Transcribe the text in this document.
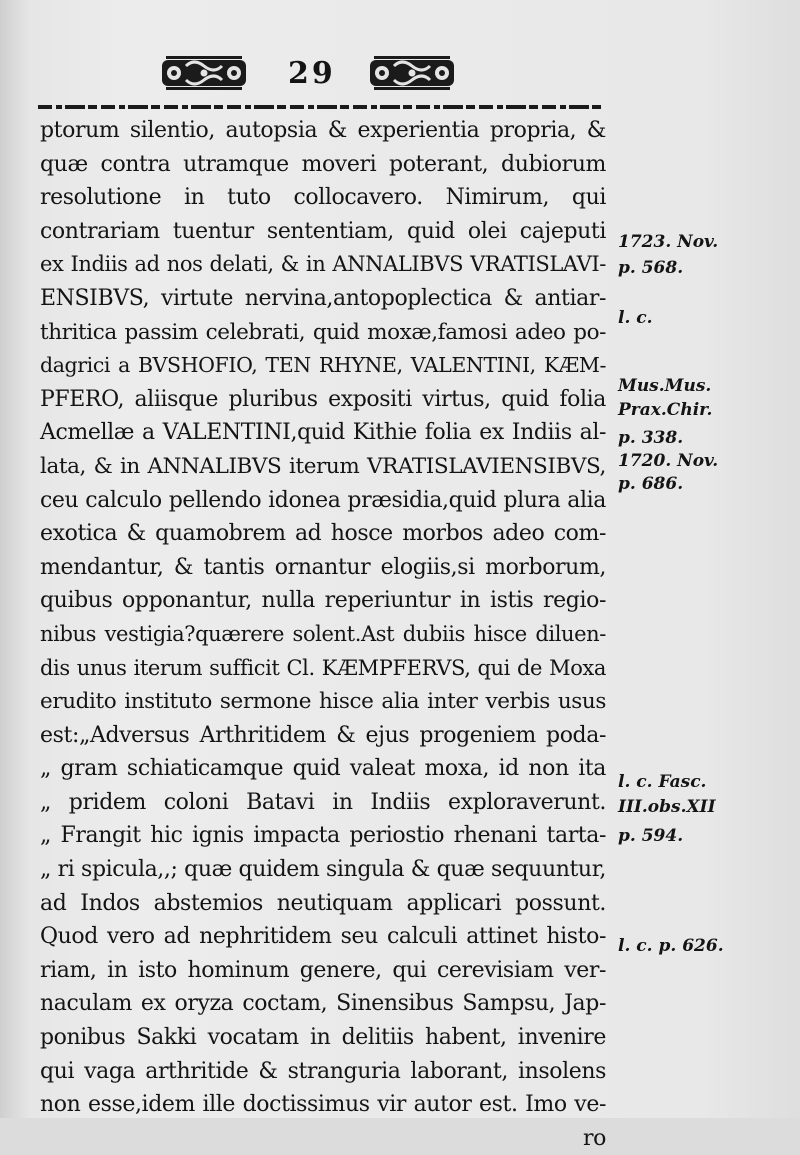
29
ptorum silentio, autopsia & experientia propria, &
quæ contra utramque moveri poterant, dubiorum
resolutione in tuto collocavero. Nimirum, qui
contrariam tuentur sententiam, quid olei cajeputi
ex Indiis ad nos delati, & in ANNALIBVS VRATISLAVI-
ENSIBVS, virtute nervina,antopoplectica & antiar-
thritica passim celebrati, quid moxæ,famosi adeo po-
dagrici a BVSHOFIO, TEN RHYNE, VALENTINI, KÆM-
PFERO, aliisque pluribus expositi virtus, quid folia
Acmellæ a VALENTINI,quid Kithie folia ex Indiis al-
lata, & in ANNALIBVS iterum VRATISLAVIENSIBVS,
ceu calculo pellendo idonea præsidia,quid plura alia
exotica & quamobrem ad hosce morbos adeo com-
mendantur, & tantis ornantur elogiis,si morborum,
quibus opponantur, nulla reperiuntur in istis regio-
nibus vestigia?quærere solent.Ast dubiis hisce diluen-
dis unus iterum sufficit Cl. KÆMPFERVS, qui de Moxa
erudito instituto sermone hisce alia inter verbis usus
est:„Adversus Arthritidem & ejus progeniem poda-
„ gram schiaticamque quid valeat moxa, id non ita
„ pridem coloni Batavi in Indiis exploraverunt.
„ Frangit hic ignis impacta periostio rhenani tarta-
„ ri spicula,,; quæ quidem singula & quæ sequuntur,
ad Indos abstemios neutiquam applicari possunt.
Quod vero ad nephritidem seu calculi attinet histo-
riam, in isto hominum genere, qui cerevisiam ver-
naculam ex oryza coctam, Sinensibus Sampsu, Jap-
ponibus Sakki vocatam in delitiis habent, invenire
qui vaga arthritide & stranguria laborant, insolens
non esse,idem ille doctissimus vir autor est. Imo ve-
ro
1723. Nov.
p. 568.
l. c.
Mus.Mus.
Prax.Chir.
p. 338.
1720. Nov.
p. 686.
l. c. Fasc.
III.obs.XII
p. 594.
l. c. p. 626.
